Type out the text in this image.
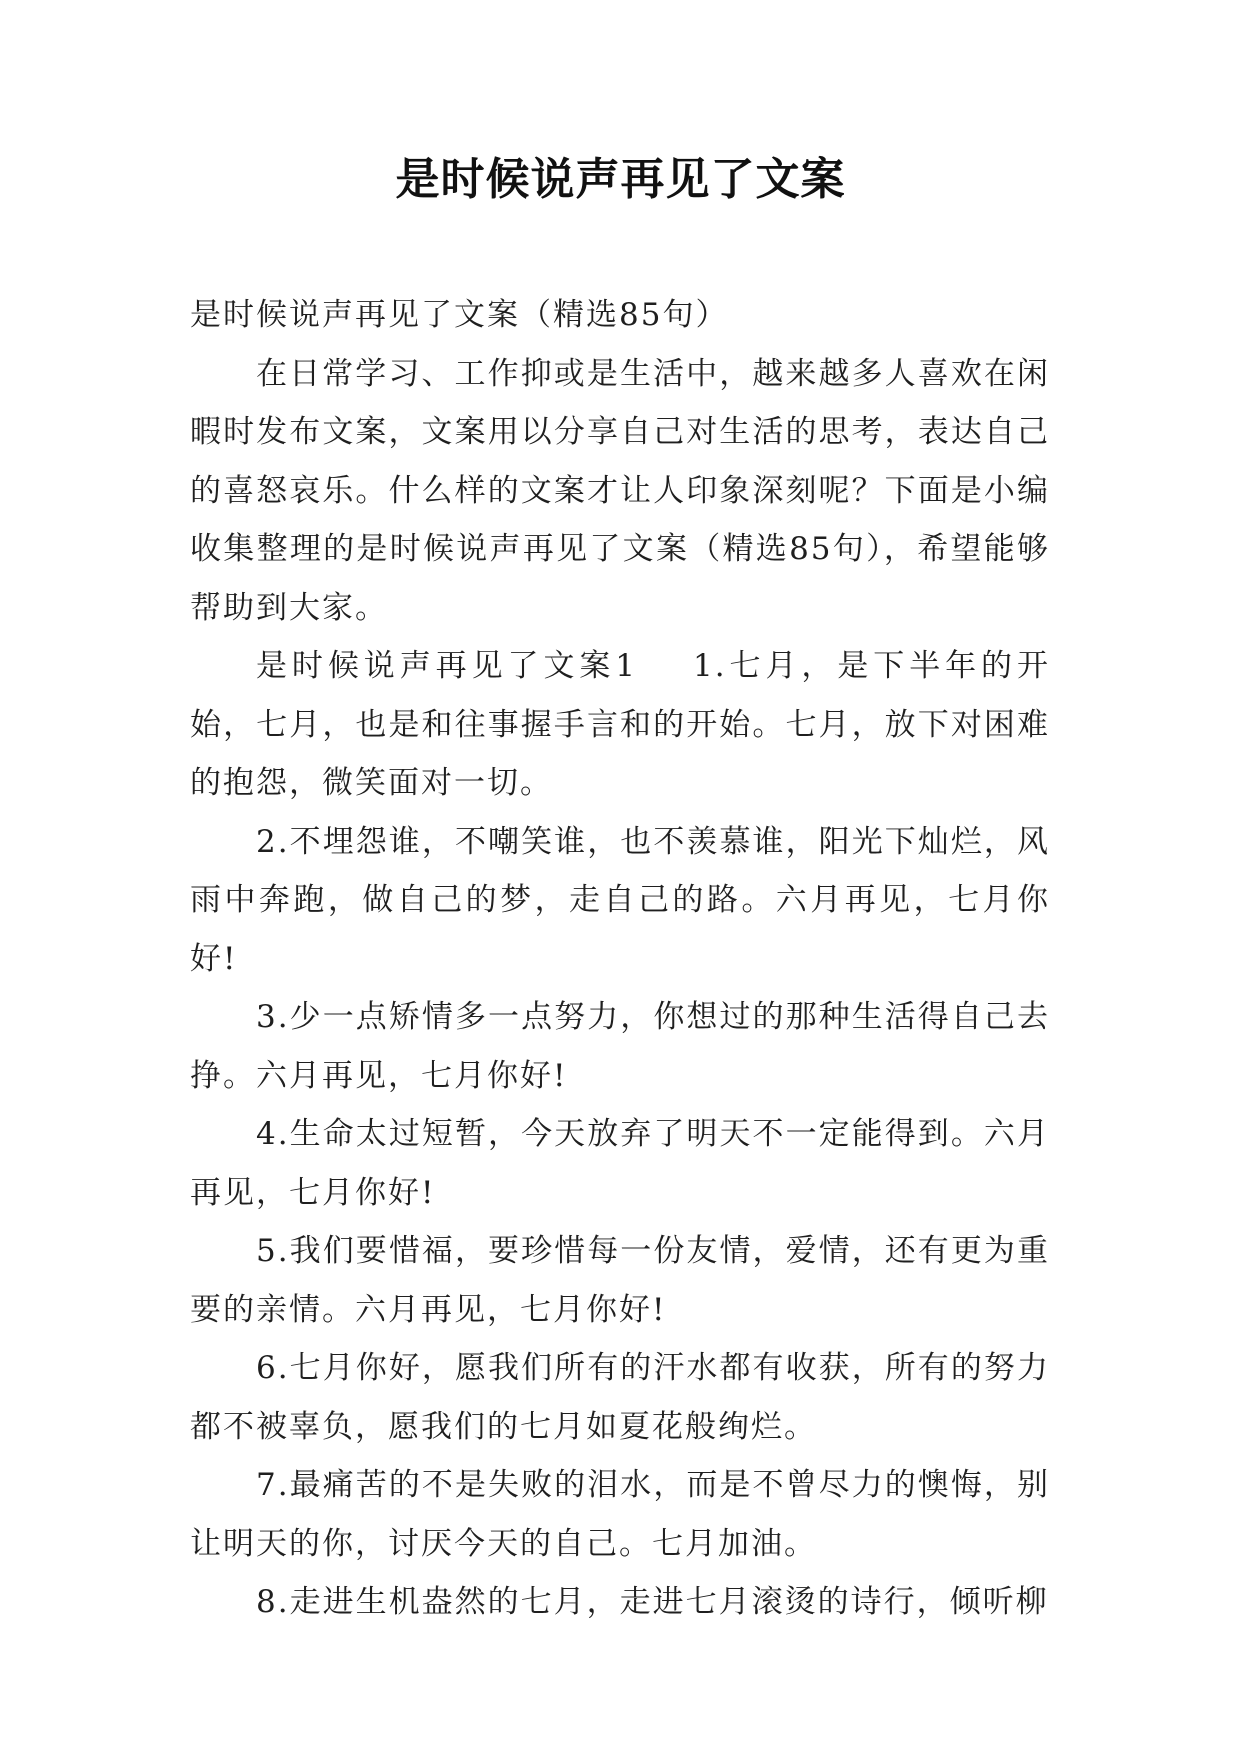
是时候说声再见了文案

是时候说声再见了文案（精选85句）

在日常学习、工作抑或是生活中，越来越多人喜欢在闲暇时发布文案，文案用以分享自己对生活的思考，表达自己的喜怒哀乐。什么样的文案才让人印象深刻呢？下面是小编收集整理的是时候说声再见了文案（精选85句），希望能够帮助到大家。

是时候说声再见了文案1 1.七月，是下半年的开始，七月，也是和往事握手言和的开始。七月，放下对困难的抱怨，微笑面对一切。

2.不埋怨谁，不嘲笑谁，也不羡慕谁，阳光下灿烂，风雨中奔跑，做自己的梦，走自己的路。六月再见，七月你好!

3.少一点矫情多一点努力，你想过的那种生活得自己去挣。六月再见，七月你好!

4.生命太过短暂，今天放弃了明天不一定能得到。六月再见，七月你好!

5.我们要惜福，要珍惜每一份友情，爱情，还有更为重要的亲情。六月再见，七月你好!

6.七月你好，愿我们所有的汗水都有收获，所有的努力都不被辜负，愿我们的七月如夏花般绚烂。

7.最痛苦的不是失败的泪水，而是不曾尽力的懊悔，别让明天的你，讨厌今天的自己。七月加油。

8.走进生机盎然的七月，走进七月滚烫的诗行，倾听柳
